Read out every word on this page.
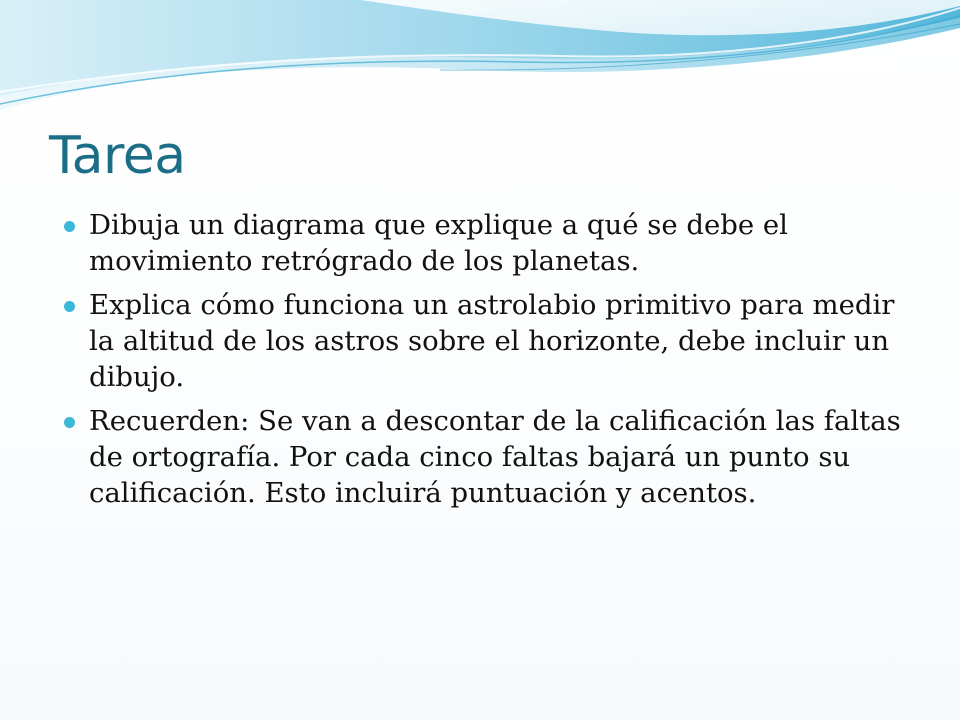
Tarea
Dibuja un diagrama que explique a qué se debe el movimiento retrógrado de los planetas.
Explica cómo funciona un astrolabio primitivo para medir la altitud de los astros sobre el horizonte, debe incluir un dibujo.
Recuerden: Se van a descontar de la calificación las faltas de ortografía. Por cada cinco faltas bajará un punto su calificación. Esto incluirá puntuación y acentos.
